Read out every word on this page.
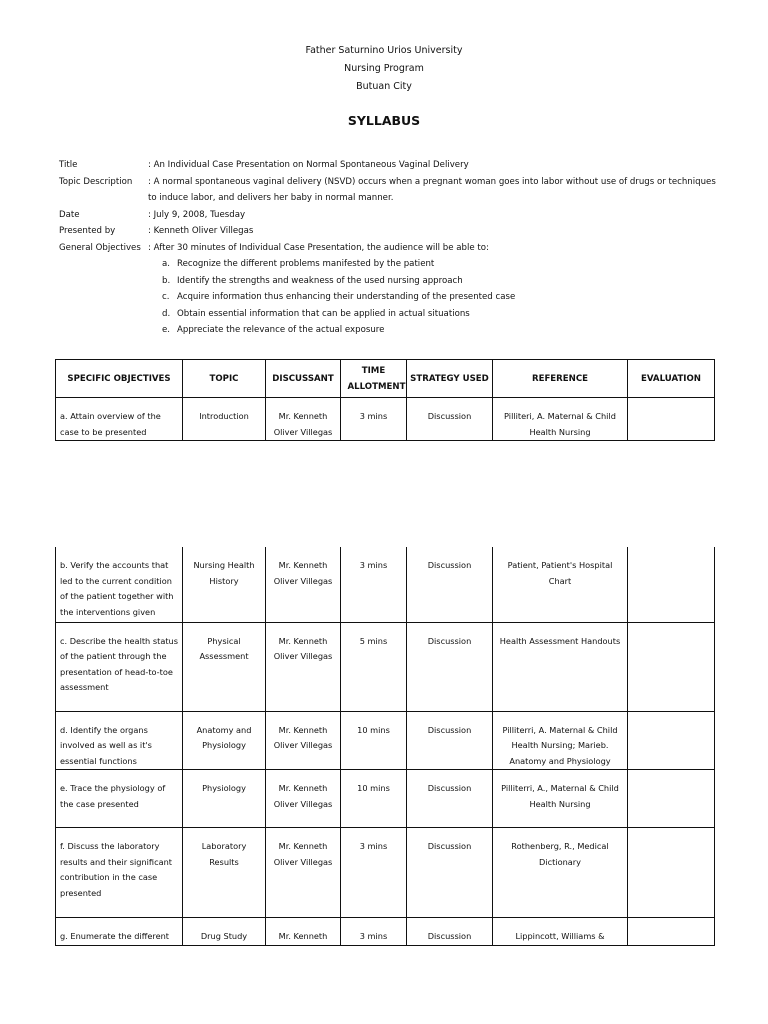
Father Saturnino Urios University
Nursing Program
Butuan City
SYLLABUS
Title	: An Individual Case Presentation on Normal Spontaneous Vaginal Delivery
Topic Description	: A normal spontaneous vaginal delivery (NSVD) occurs when a pregnant woman goes into labor without use of drugs or techniques
to induce labor, and delivers her baby in normal manner.
Date	: July 9, 2008, Tuesday
Presented by	: Kenneth Oliver Villegas
General Objectives : After 30 minutes of Individual Case Presentation, the audience will be able to:
a. Recognize the different problems manifested by the patient
b. Identify the strengths and weakness of the used nursing approach
c. Acquire information thus enhancing their understanding of the presented case
d. Obtain essential information that can be applied in actual situations
e. Appreciate the relevance of the actual exposure
SPECIFIC OBJECTIVES	TOPIC	DISCUSSANT	TIME ALLOTMENT	STRATEGY USED	REFERENCE	EVALUATION

a. Attain overview of the case to be presented	Introduction	Mr. Kenneth Oliver Villegas	3 mins	Discussion	Pilliteri, A. Maternal & Child Health Nursing	

b. Verify the accounts that led to the current condition of the patient together with the interventions given	Nursing Health History	Mr. Kenneth Oliver Villegas	3 mins	Discussion	Patient, Patient's Hospital Chart	

c. Describe the health status of the patient through the presentation of head-to-toe assessment	Physical Assessment	Mr. Kenneth Oliver Villegas	5 mins	Discussion	Health Assessment Handouts	

d. Identify the organs involved as well as it's essential functions	Anatomy and Physiology	Mr. Kenneth Oliver Villegas	10 mins	Discussion	Pilliterri, A. Maternal & Child Health Nursing; Marieb. Anatomy and Physiology	

e. Trace the physiology of the case presented	Physiology	Mr. Kenneth Oliver Villegas	10 mins	Discussion	Pilliterri, A., Maternal & Child Health Nursing	

f. Discuss the laboratory results and their significant contribution in the case presented	Laboratory Results	Mr. Kenneth Oliver Villegas	3 mins	Discussion	Rothenberg, R., Medical Dictionary	

g. Enumerate the different	Drug Study	Mr. Kenneth	3 mins	Discussion	Lippincott, Williams &	
